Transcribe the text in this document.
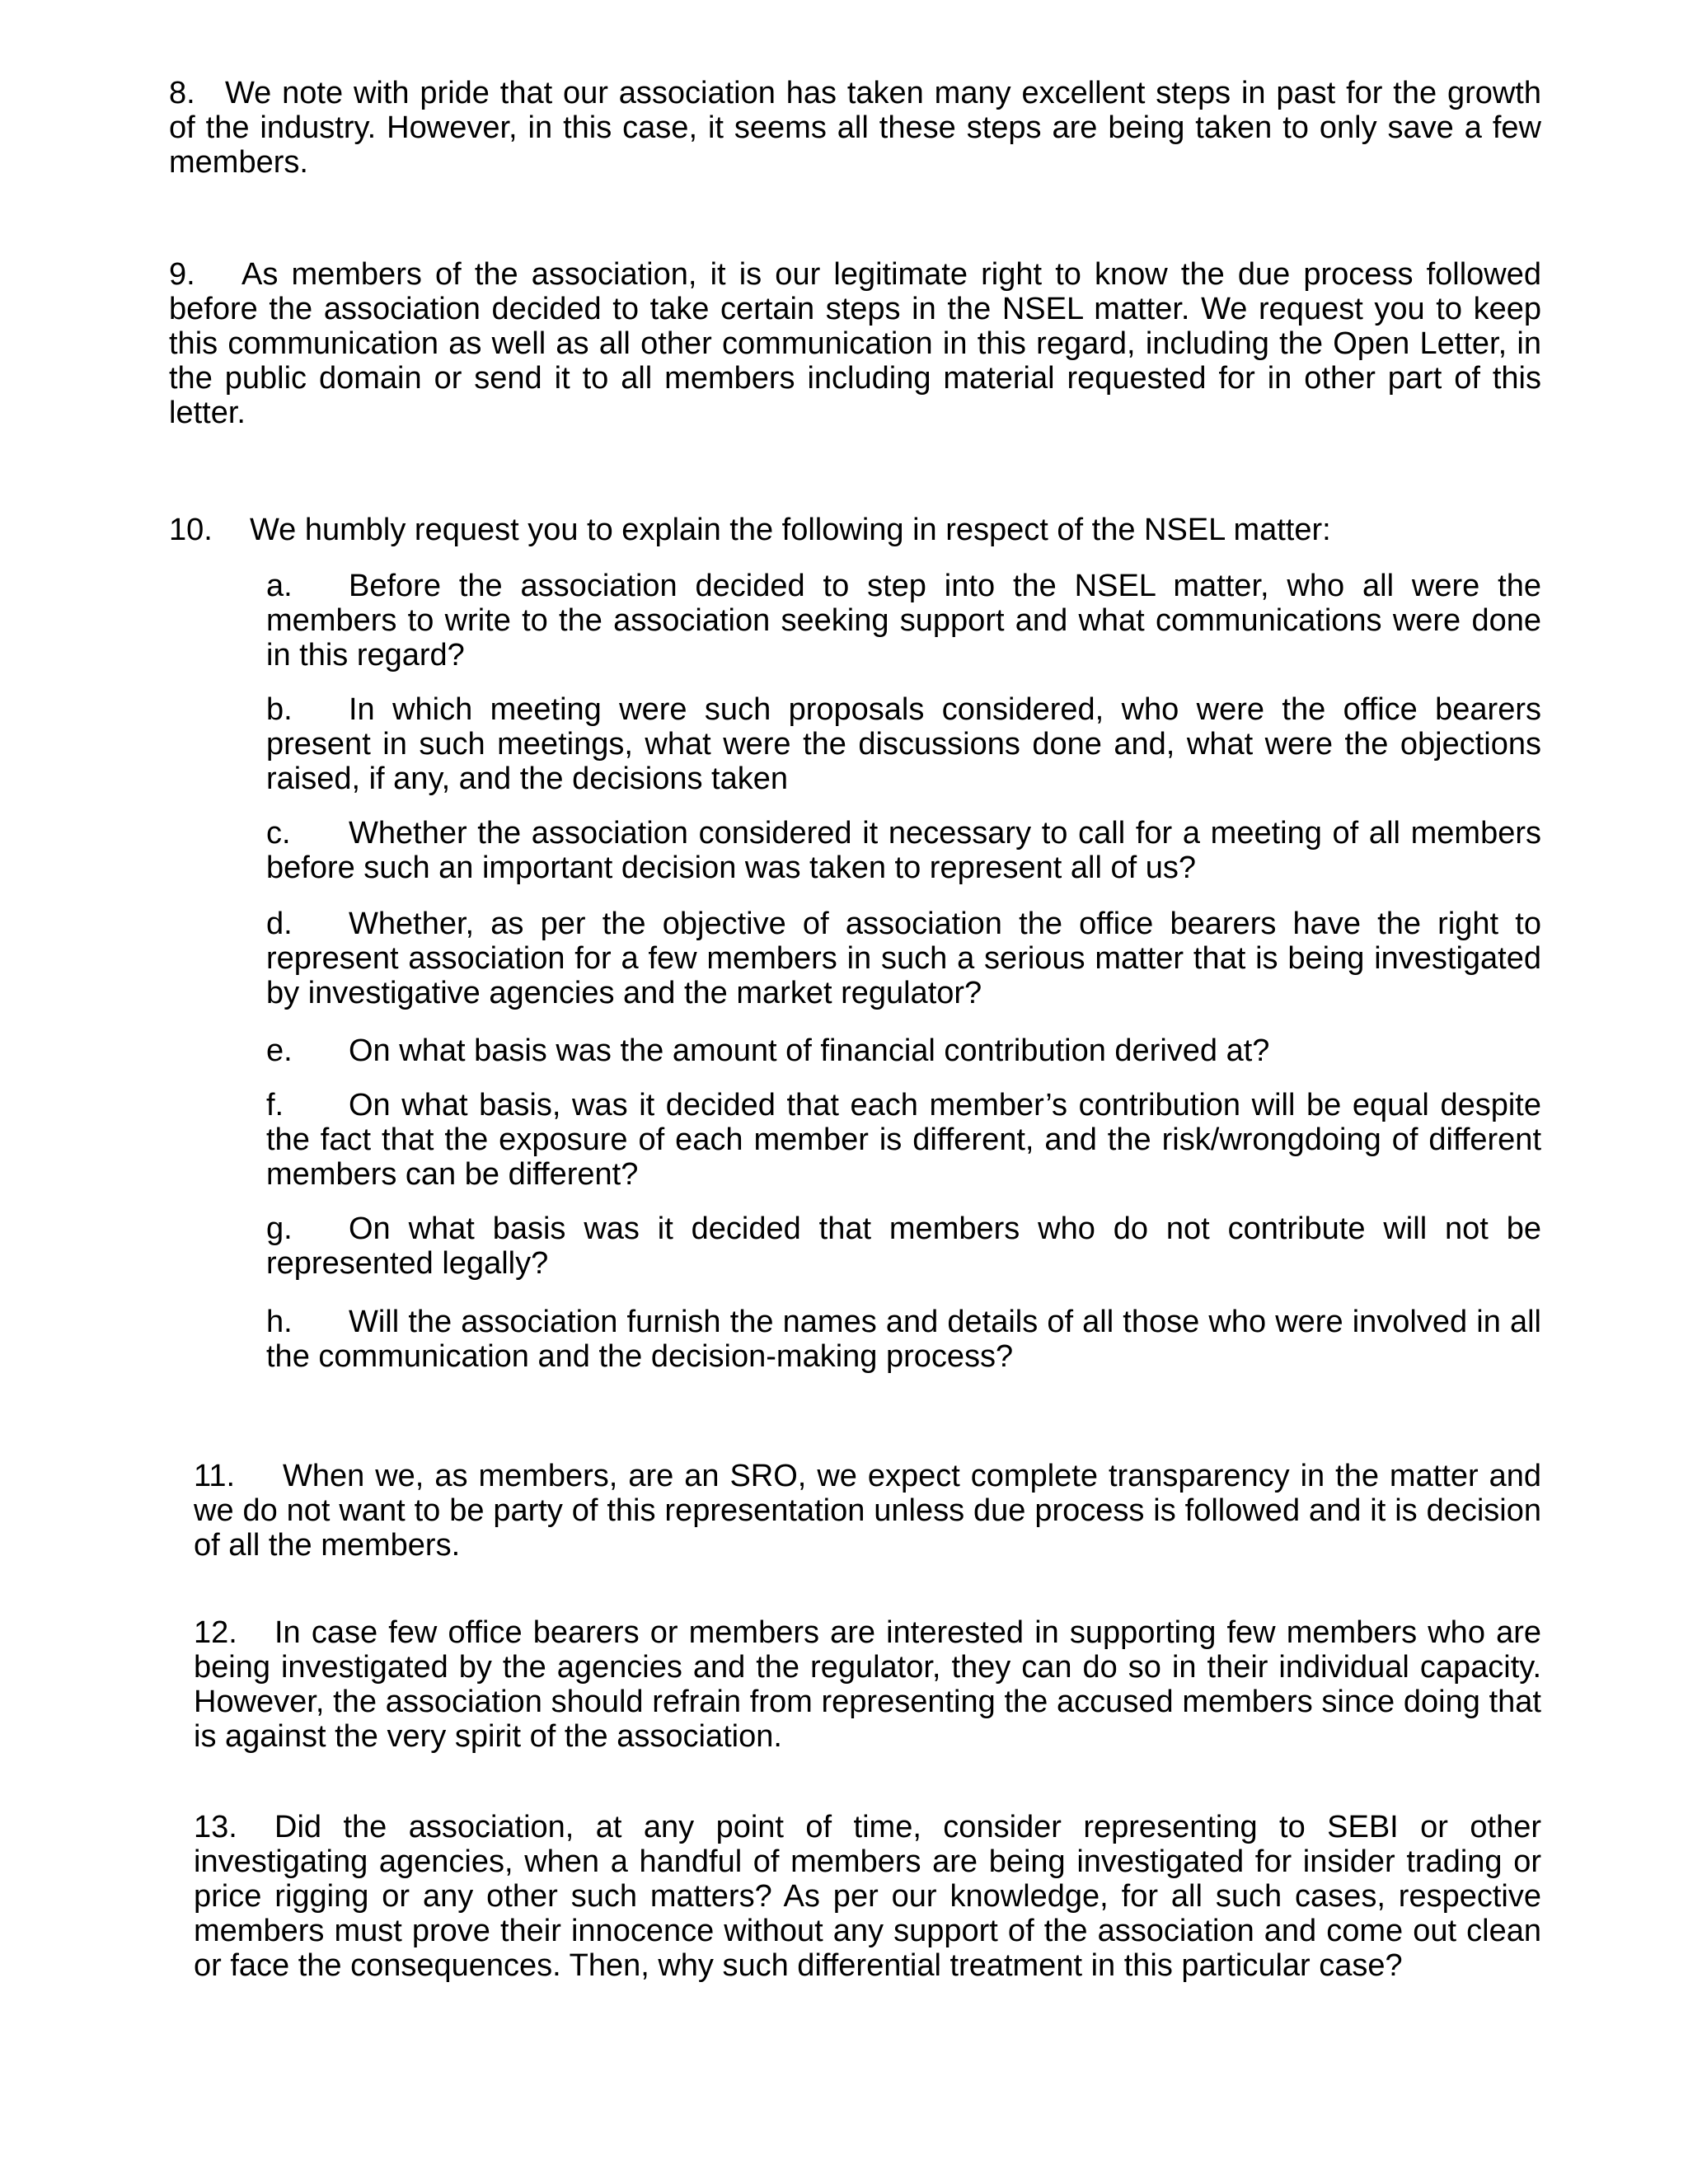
8. We note with pride that our association has taken many excellent steps in past for the growth of the industry. However, in this case, it seems all these steps are being taken to only save a few members.

9. As members of the association, it is our legitimate right to know the due process followed before the association decided to take certain steps in the NSEL matter. We request you to keep this communication as well as all other communication in this regard, including the Open Letter, in the public domain or send it to all members including material requested for in other part of this letter.

10. We humbly request you to explain the following in respect of the NSEL matter:

a. Before the association decided to step into the NSEL matter, who all were the members to write to the association seeking support and what communications were done in this regard?

b. In which meeting were such proposals considered, who were the office bearers present in such meetings, what were the discussions done and, what were the objections raised, if any, and the decisions taken

c. Whether the association considered it necessary to call for a meeting of all members before such an important decision was taken to represent all of us?

d. Whether, as per the objective of association the office bearers have the right to represent association for a few members in such a serious matter that is being investigated by investigative agencies and the market regulator?

e. On what basis was the amount of financial contribution derived at?

f. On what basis, was it decided that each member’s contribution will be equal despite the fact that the exposure of each member is different, and the risk/wrongdoing of different members can be different?

g. On what basis was it decided that members who do not contribute will not be represented legally?

h. Will the association furnish the names and details of all those who were involved in all the communication and the decision-making process?

11. When we, as members, are an SRO, we expect complete transparency in the matter and we do not want to be party of this representation unless due process is followed and it is decision of all the members.

12. In case few office bearers or members are interested in supporting few members who are being investigated by the agencies and the regulator, they can do so in their individual capacity. However, the association should refrain from representing the accused members since doing that is against the very spirit of the association.

13. Did the association, at any point of time, consider representing to SEBI or other investigating agencies, when a handful of members are being investigated for insider trading or price rigging or any other such matters? As per our knowledge, for all such cases, respective members must prove their innocence without any support of the association and come out clean or face the consequences. Then, why such differential treatment in this particular case?
